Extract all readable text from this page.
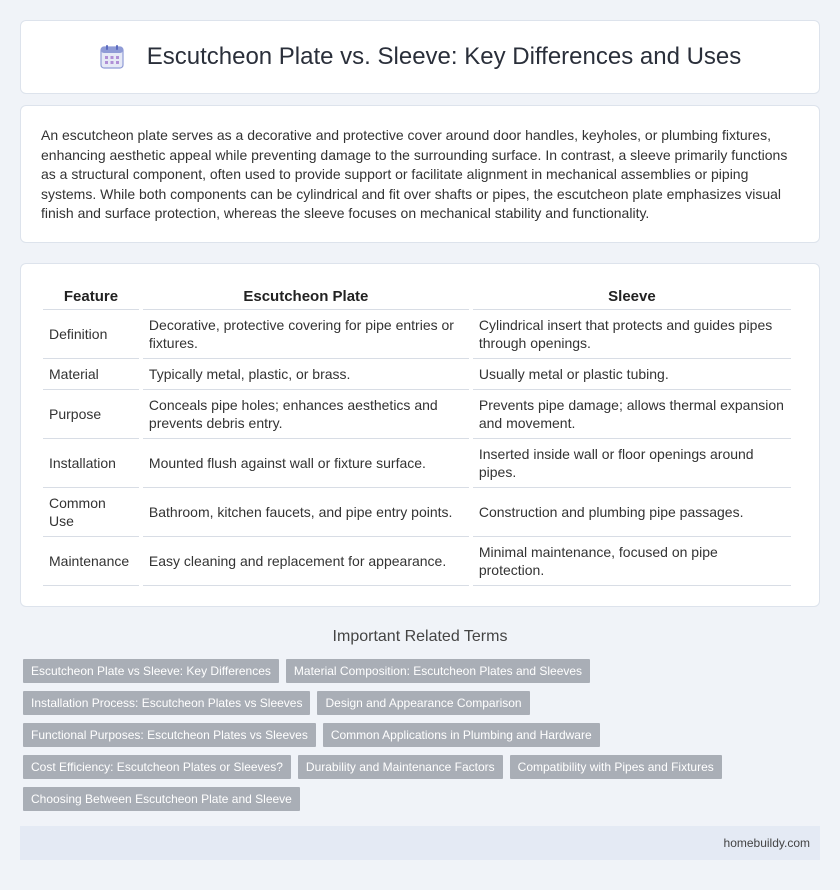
Escutcheon Plate vs. Sleeve: Key Differences and Uses

An escutcheon plate serves as a decorative and protective cover around door handles, keyholes, or plumbing fixtures, enhancing aesthetic appeal while preventing damage to the surrounding surface. In contrast, a sleeve primarily functions as a structural component, often used to provide support or facilitate alignment in mechanical assemblies or piping systems. While both components can be cylindrical and fit over shafts or pipes, the escutcheon plate emphasizes visual finish and surface protection, whereas the sleeve focuses on mechanical stability and functionality.

Feature	Escutcheon Plate	Sleeve
Definition	Decorative, protective covering for pipe entries or fixtures.	Cylindrical insert that protects and guides pipes through openings.
Material	Typically metal, plastic, or brass.	Usually metal or plastic tubing.
Purpose	Conceals pipe holes; enhances aesthetics and prevents debris entry.	Prevents pipe damage; allows thermal expansion and movement.
Installation	Mounted flush against wall or fixture surface.	Inserted inside wall or floor openings around pipes.
Common Use	Bathroom, kitchen faucets, and pipe entry points.	Construction and plumbing pipe passages.
Maintenance	Easy cleaning and replacement for appearance.	Minimal maintenance, focused on pipe protection.
Important Related Terms
Escutcheon Plate vs Sleeve: Key Differences	Material Composition: Escutcheon Plates and Sleeves
Installation Process: Escutcheon Plates vs Sleeves	Design and Appearance Comparison
Functional Purposes: Escutcheon Plates vs Sleeves	Common Applications in Plumbing and Hardware
Cost Efficiency: Escutcheon Plates or Sleeves?	Durability and Maintenance Factors	Compatibility with Pipes and Fixtures
Choosing Between Escutcheon Plate and Sleeve
homebuildy.com
